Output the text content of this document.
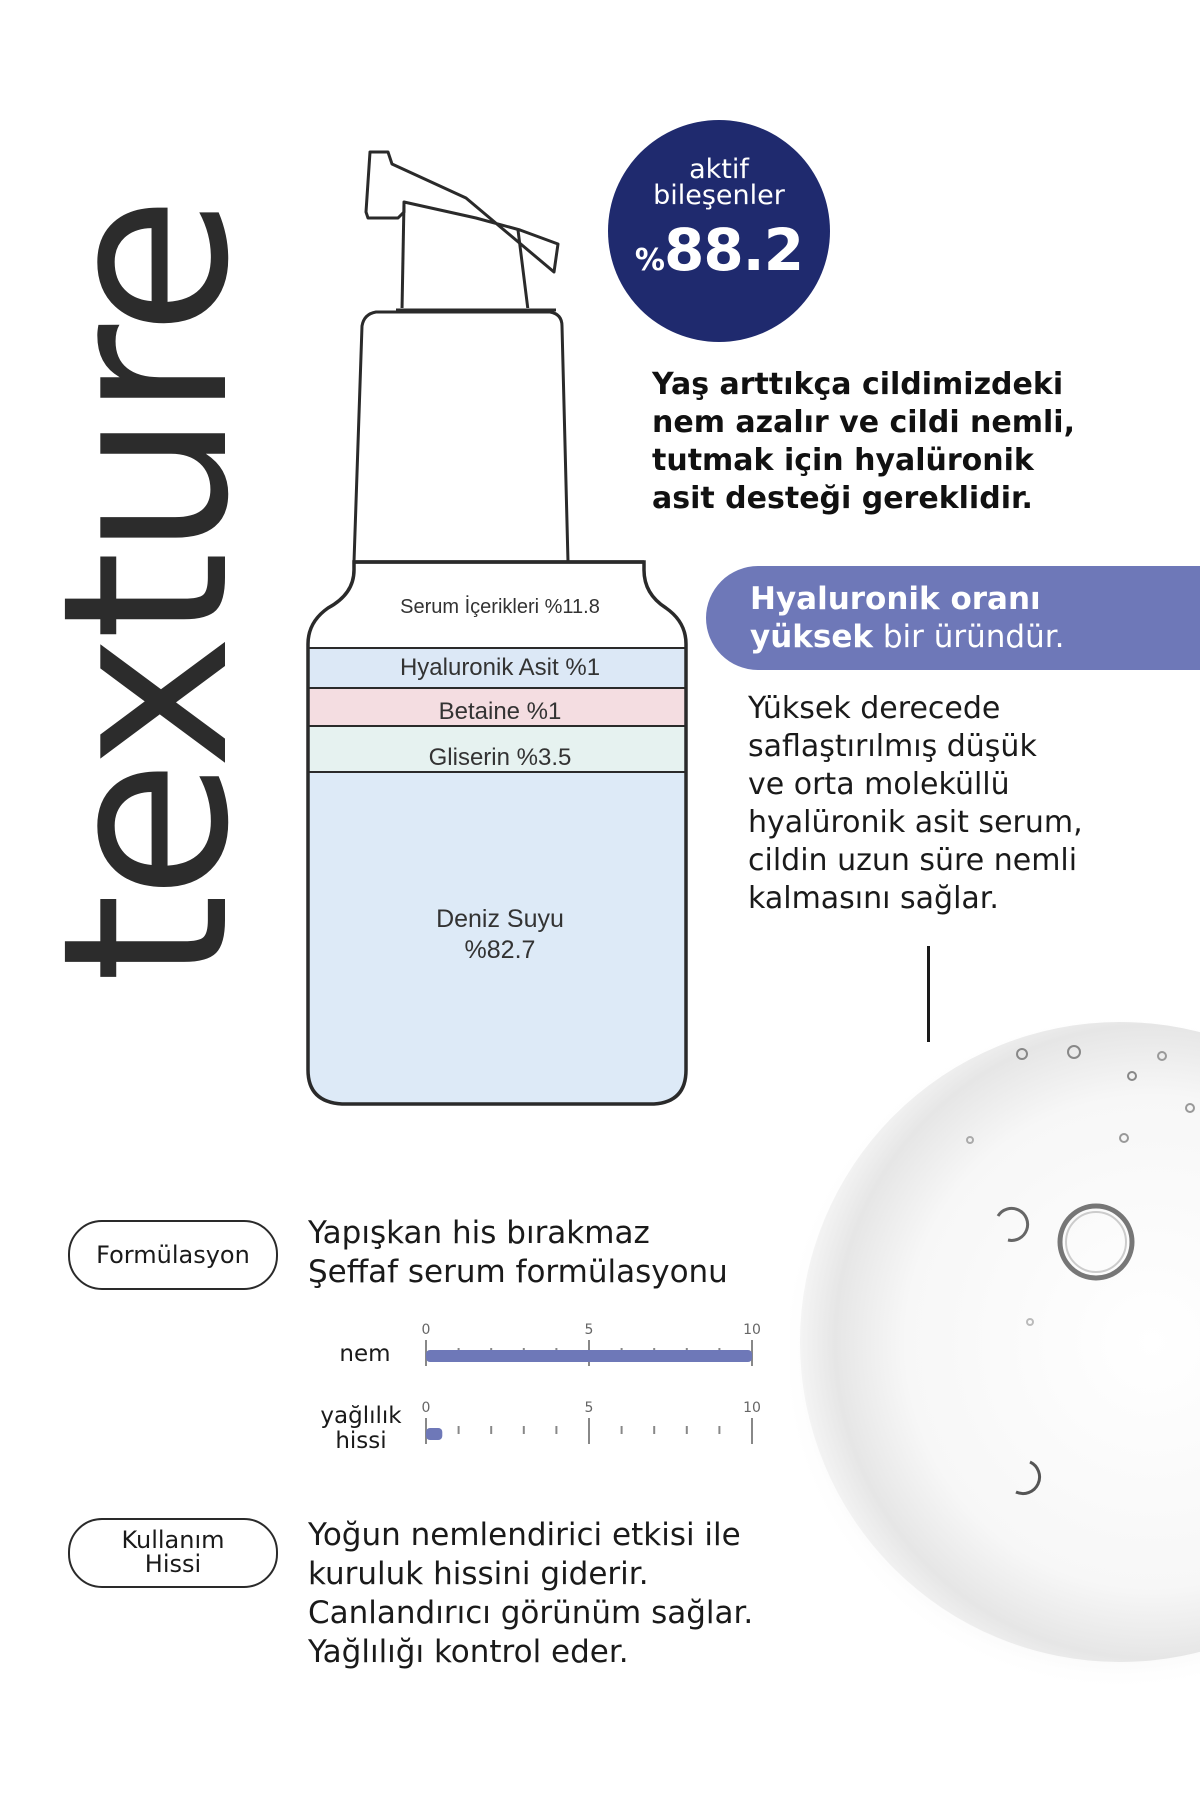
texture	Serum İçerikleri %11.8
Hyaluronik Asit %1
Betaine %1
Gliserin %3.5
Deniz Suyu
%82.7
aktif
bileşenler
%88.2
Yaş arttıkça cildimizdeki
nem azalır ve cildi nemli,
tutmak için hyalüronik
asit desteği gereklidir.
Hyaluronik oranı
yüksek bir üründür.
Yüksek derecede
saflaştırılmış düşük
ve orta moleküllü
hyalüronik asit serum,
cildin uzun süre nemli
kalmasını sağlar.
Formülasyon
Yapışkan his bırakmaz
Şeffaf serum formülasyonu
nem
yağlılık
hissi
0	5	10
0	5	10
Kullanım
Hissi
Yoğun nemlendirici etkisi ile
kuruluk hissini giderir.
Canlandırıcı görünüm sağlar.
Yağlılığı kontrol eder.
